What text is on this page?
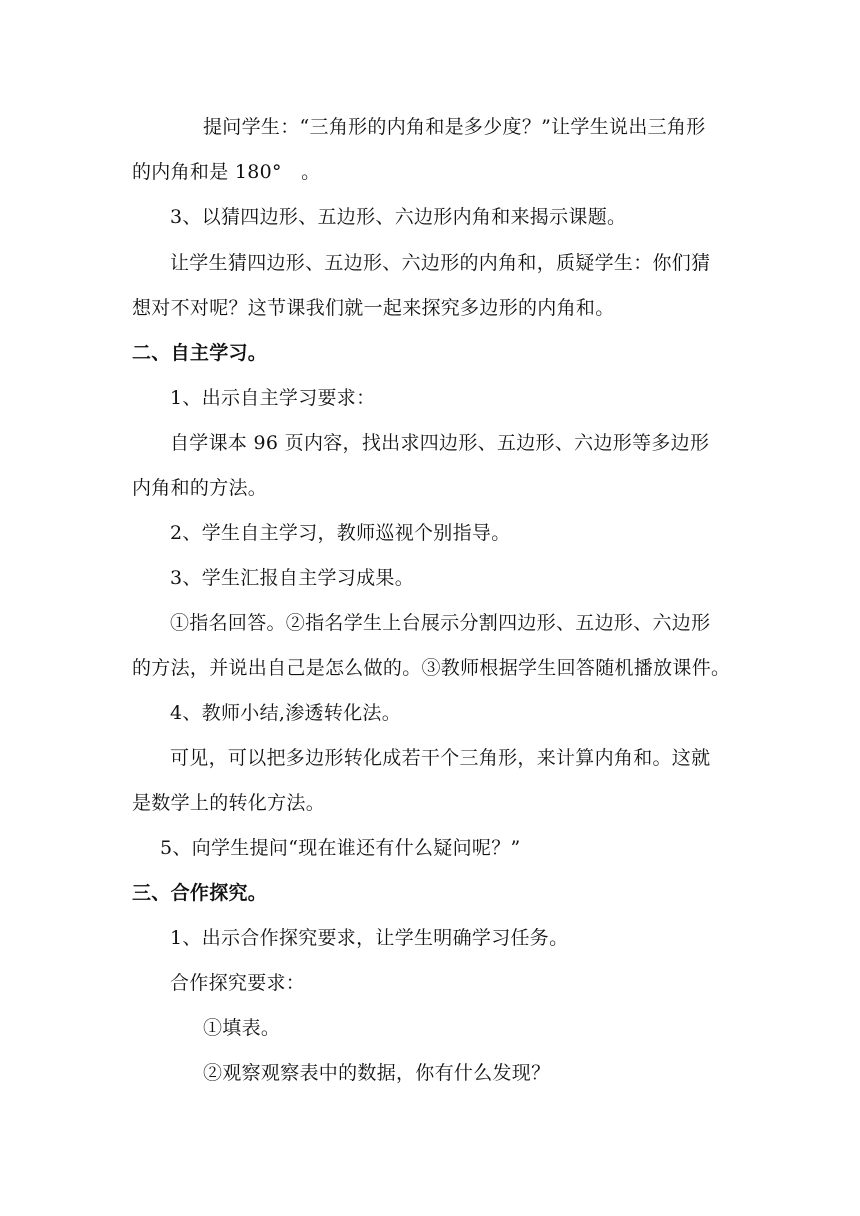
提问学生：“三角形的内角和是多少度？”让学生说出三角形
的内角和是 180°　。
3、以猜四边形、五边形、六边形内角和来揭示课题。
让学生猜四边形、五边形、六边形的内角和，质疑学生：你们猜
想对不对呢？这节课我们就一起来探究多边形的内角和。
二、自主学习。
1、出示自主学习要求：
自学课本 96 页内容，找出求四边形、五边形、六边形等多边形
内角和的方法。
2、学生自主学习，教师巡视个别指导。
3、学生汇报自主学习成果。
①指名回答。②指名学生上台展示分割四边形、五边形、六边形
的方法，并说出自己是怎么做的。③教师根据学生回答随机播放课件。
4、教师小结,渗透转化法。
可见，可以把多边形转化成若干个三角形，来计算内角和。这就
是数学上的转化方法。
5、向学生提问“现在谁还有什么疑问呢？”
三、合作探究。
1、出示合作探究要求，让学生明确学习任务。
合作探究要求：
①填表。
②观察观察表中的数据，你有什么发现？
